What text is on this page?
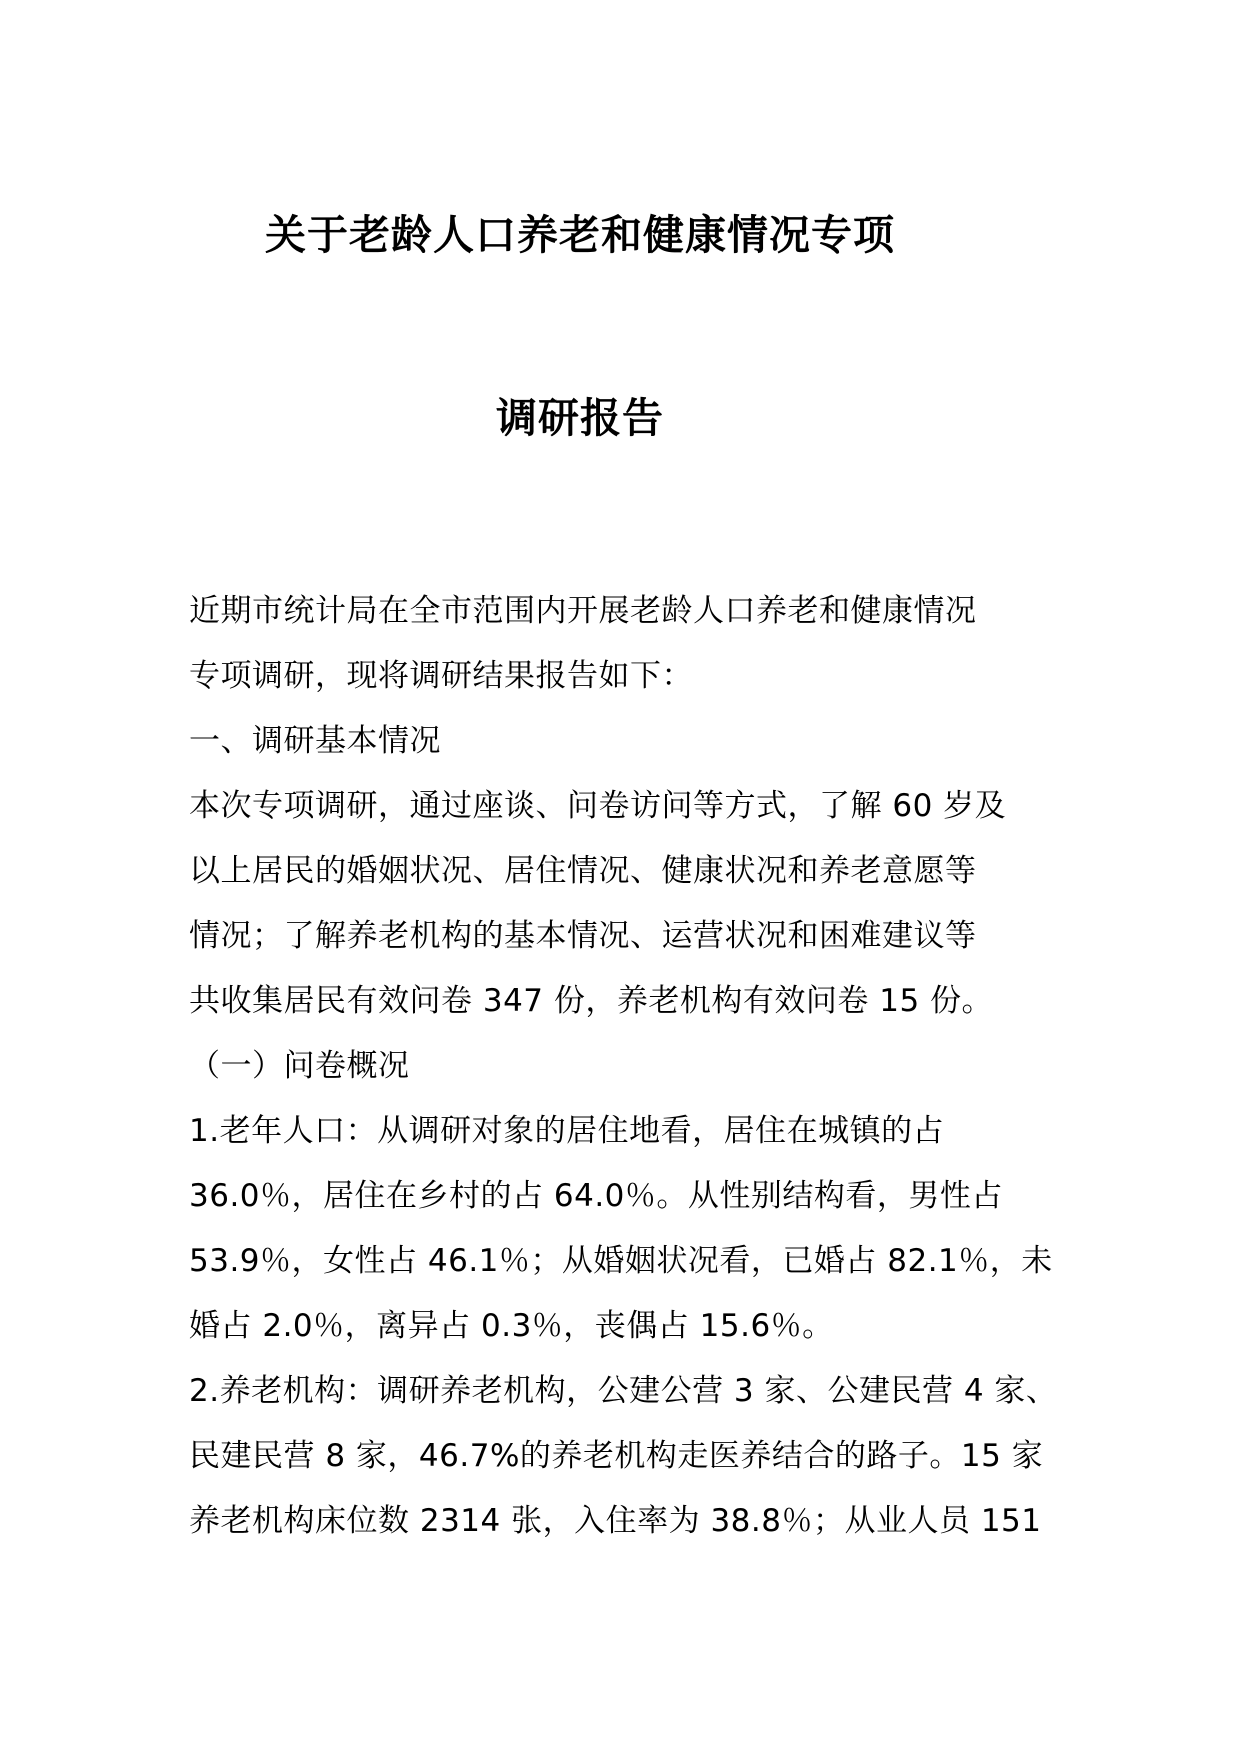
关于老龄人口养老和健康情况专项
调研报告
近期市统计局在全市范围内开展老龄人口养老和健康情况
专项调研，现将调研结果报告如下：
一、调研基本情况
本次专项调研，通过座谈、问卷访问等方式，了解 60 岁及
以上居民的婚姻状况、居住情况、健康状况和养老意愿等
情况；了解养老机构的基本情况、运营状况和困难建议等
共收集居民有效问卷 347 份，养老机构有效问卷 15 份。
（一）问卷概况
1.老年人口：从调研对象的居住地看，居住在城镇的占
36.0％，居住在乡村的占 64.0％。从性别结构看，男性占
53.9％，女性占 46.1％；从婚姻状况看，已婚占 82.1％，未
婚占 2.0％，离异占 0.3％，丧偶占 15.6％。
2.养老机构：调研养老机构，公建公营 3 家、公建民营 4 家、
民建民营 8 家，46.7%的养老机构走医养结合的路子。15 家
养老机构床位数 2314 张，入住率为 38.8％；从业人员 151
